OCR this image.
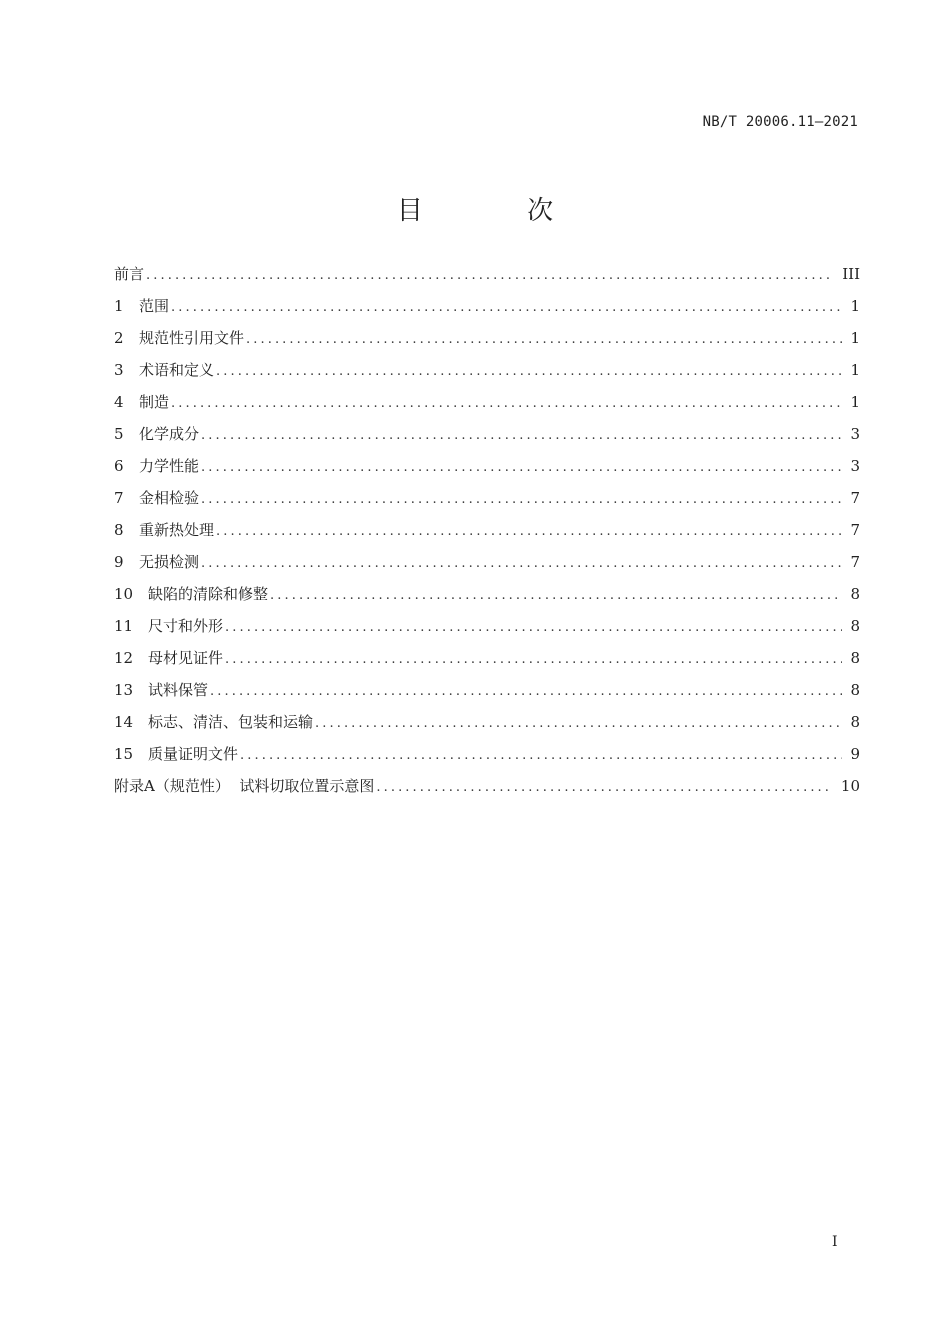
NB/T 20006.11—2021
目 次
前言 .....	III
1	范围 .....	1
2	规范性引用文件 .....	1
3	术语和定义 .....	1
4	制造 .....	1
5	化学成分 .....	3
6	力学性能 .....	3
7	金相检验 .....	7
8	重新热处理 .....	7
9	无损检测 .....	7
10 缺陷的清除和修整 .....	8
11 尺寸和外形 .....	8
12 母材见证件 .....	8
13 试料保管 .....	8
14 标志、清洁、包装和运输 .....	8
15 质量证明文件 .....	9
附录A（规范性）  试料切取位置示意图 .....	10
I
